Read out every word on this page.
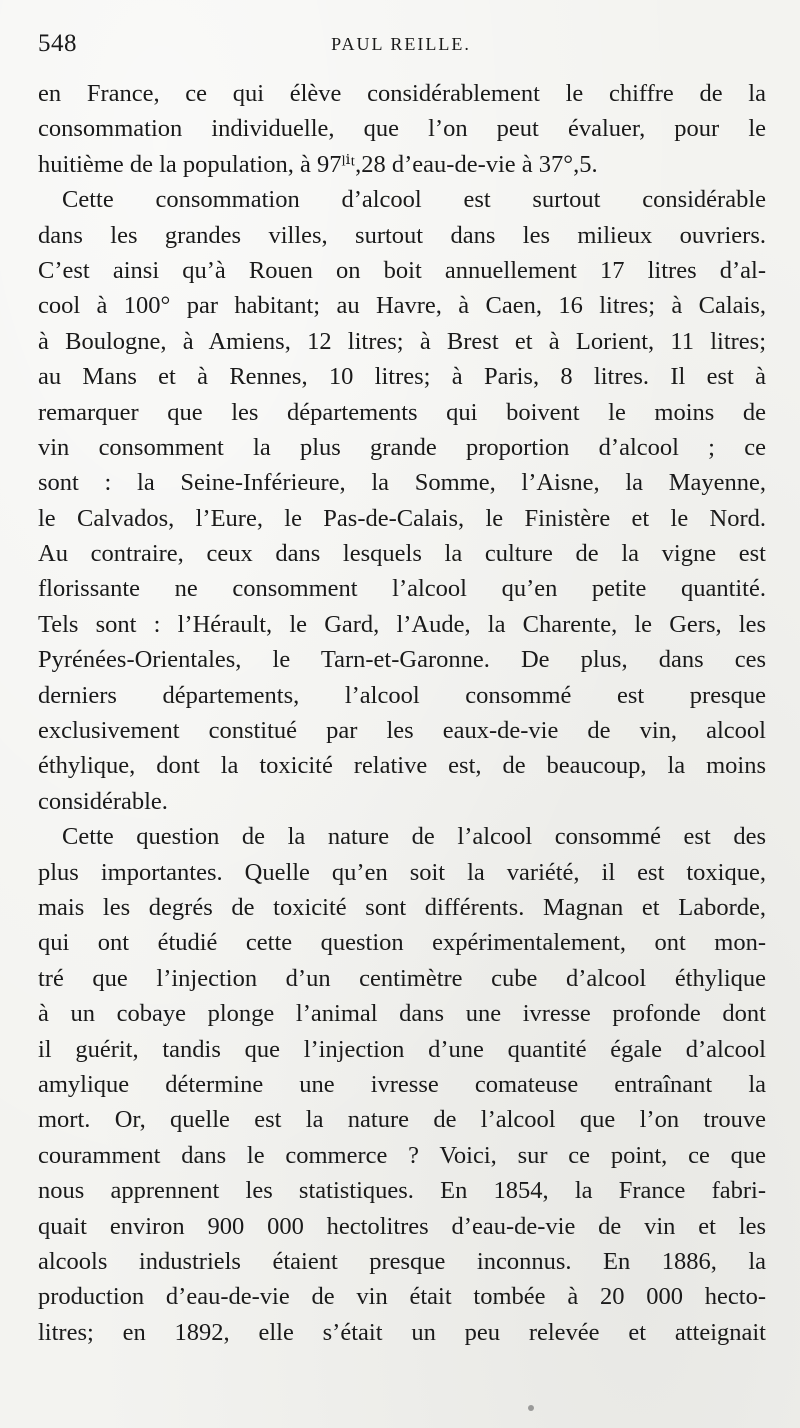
548	PAUL REILLE.
en France, ce qui élève considérablement le chiffre de la
consommation individuelle, que l’on peut évaluer, pour le
huitième de la population, à 97ˡⁱᵗ,28 d’eau-de-vie à 37°,5.
Cette consommation d’alcool est surtout considérable
dans les grandes villes, surtout dans les milieux ouvriers.
C’est ainsi qu’à Rouen on boit annuellement 17 litres d’al-
cool à 100° par habitant; au Havre, à Caen, 16 litres; à Calais,
à Boulogne, à Amiens, 12 litres; à Brest et à Lorient, 11 litres;
au Mans et à Rennes, 10 litres; à Paris, 8 litres. Il est à
remarquer que les départements qui boivent le moins de
vin consomment la plus grande proportion d’alcool ; ce
sont : la Seine-Inférieure, la Somme, l’Aisne, la Mayenne,
le Calvados, l’Eure, le Pas-de-Calais, le Finistère et le Nord.
Au contraire, ceux dans lesquels la culture de la vigne est
florissante ne consomment l’alcool qu’en petite quantité.
Tels sont : l’Hérault, le Gard, l’Aude, la Charente, le Gers, les
Pyrénées-Orientales, le Tarn-et-Garonne. De plus, dans ces
derniers départements, l’alcool consommé est presque
exclusivement constitué par les eaux-de-vie de vin, alcool
éthylique, dont la toxicité relative est, de beaucoup, la moins
considérable.
Cette question de la nature de l’alcool consommé est des
plus importantes. Quelle qu’en soit la variété, il est toxique,
mais les degrés de toxicité sont différents. Magnan et Laborde,
qui ont étudié cette question expérimentalement, ont mon-
tré que l’injection d’un centimètre cube d’alcool éthylique
à un cobaye plonge l’animal dans une ivresse profonde dont
il guérit, tandis que l’injection d’une quantité égale d’alcool
amylique détermine une ivresse comateuse entraînant la
mort. Or, quelle est la nature de l’alcool que l’on trouve
couramment dans le commerce ? Voici, sur ce point, ce que
nous apprennent les statistiques. En 1854, la France fabri-
quait environ 900 000 hectolitres d’eau-de-vie de vin et les
alcools industriels étaient presque inconnus. En 1886, la
production d’eau-de-vie de vin était tombée à 20 000 hecto-
litres; en 1892, elle s’était un peu relevée et atteignait
